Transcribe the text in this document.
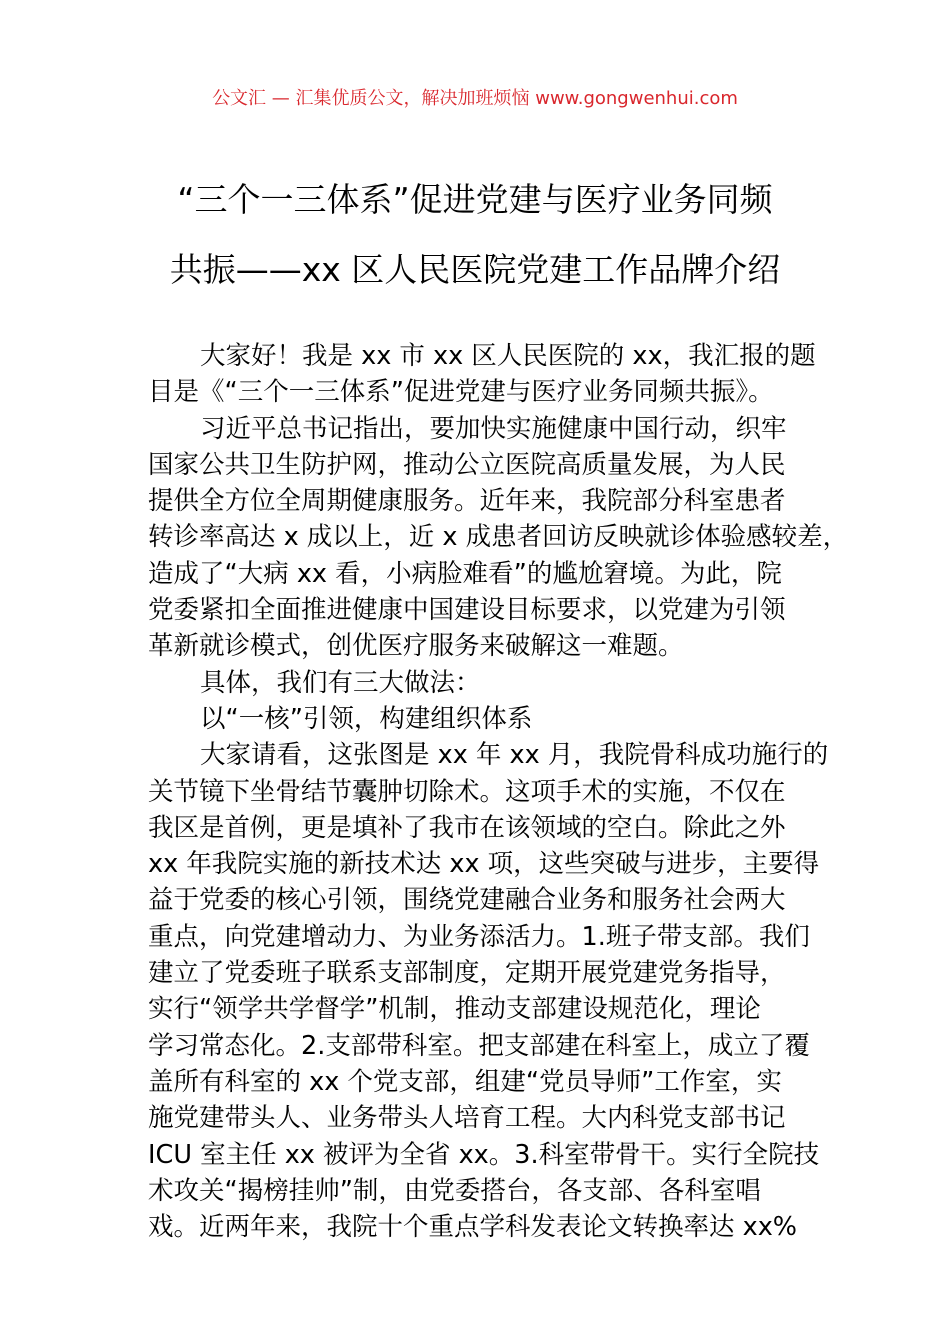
公文汇 — 汇集优质公文，解决加班烦恼 www.gongwenhui.com
“三个一三体系”促进党建与医疗业务同频
共振——xx 区人民医院党建工作品牌介绍
大家好！我是 xx 市 xx 区人民医院的 xx，我汇报的题
目是《“三个一三体系”促进党建与医疗业务同频共振》。
习近平总书记指出，要加快实施健康中国行动，织牢
国家公共卫生防护网，推动公立医院高质量发展，为人民
提供全方位全周期健康服务。近年来，我院部分科室患者
转诊率高达 x 成以上，近 x 成患者回访反映就诊体验感较差，
造成了“大病 xx 看，小病脸难看”的尴尬窘境。为此，院
党委紧扣全面推进健康中国建设目标要求，以党建为引领
革新就诊模式，创优医疗服务来破解这一难题。
具体，我们有三大做法：
以“一核”引领，构建组织体系
大家请看，这张图是 xx 年 xx 月，我院骨科成功施行的
关节镜下坐骨结节囊肿切除术。这项手术的实施，不仅在
我区是首例，更是填补了我市在该领域的空白。除此之外
xx 年我院实施的新技术达 xx 项，这些突破与进步，主要得
益于党委的核心引领，围绕党建融合业务和服务社会两大
重点，向党建增动力、为业务添活力。1.班子带支部。我们
建立了党委班子联系支部制度，定期开展党建党务指导，
实行“领学共学督学”机制，推动支部建设规范化，理论
学习常态化。2.支部带科室。把支部建在科室上，成立了覆
盖所有科室的 xx 个党支部，组建“党员导师”工作室，实
施党建带头人、业务带头人培育工程。大内科党支部书记
ICU 室主任 xx 被评为全省 xx。3.科室带骨干。实行全院技
术攻关“揭榜挂帅”制，由党委搭台，各支部、各科室唱
戏。近两年来，我院十个重点学科发表论文转换率达 xx%
